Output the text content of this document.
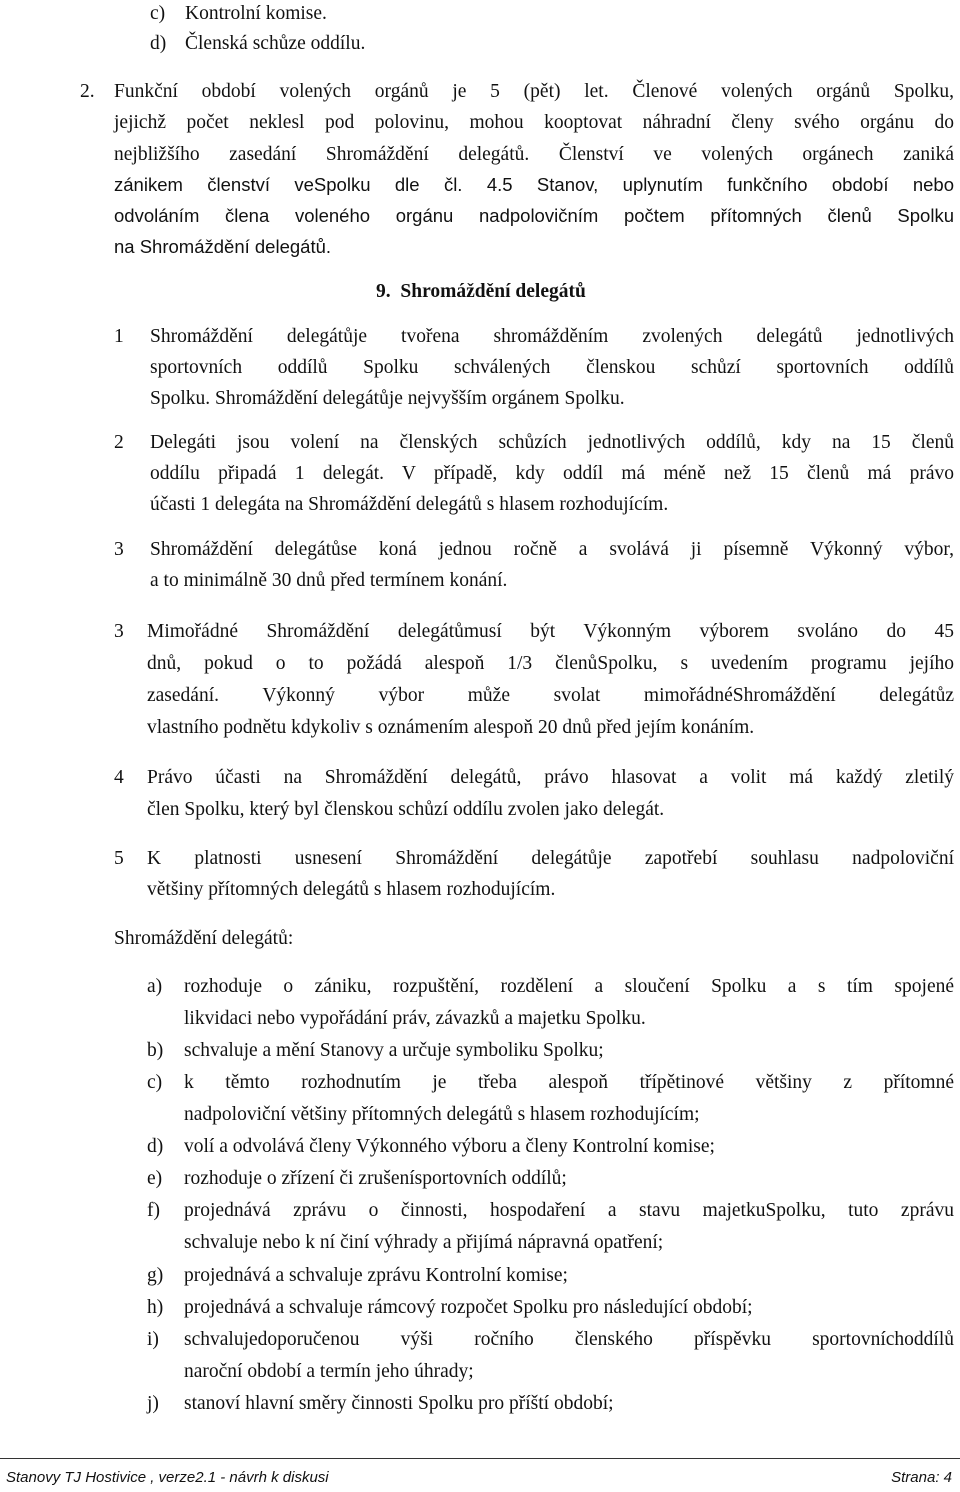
c) Kontrolní komise.
d) Členská schůze oddílu.
2. Funkční období volených orgánů je 5 (pět) let. Členové volených orgánů Spolku,
jejichž počet neklesl pod polovinu, mohou kooptovat náhradní členy svého orgánu do
nejbližšího zasedání Shromáždění delegátů. Členství ve volených orgánech zaniká
zánikem členství veSpolku dle čl. 4.5 Stanov, uplynutím funkčního období nebo
odvoláním člena voleného orgánu nadpolovičním počtem přítomných členů Spolku
na Shromáždění delegátů.
9.  Shromáždění delegátů
1 Shromáždění delegátůje tvořena shromážděním zvolených delegátů jednotlivých
sportovních oddílů Spolku schválených členskou schůzí sportovních oddílů
Spolku. Shromáždění delegátůje nejvyšším orgánem Spolku.
2 Delegáti jsou volení na členských schůzích jednotlivých oddílů, kdy na 15 členů
oddílu připadá 1 delegát. V případě, kdy oddíl má méně než 15 členů má právo
účasti 1 delegáta na Shromáždění delegátů s hlasem rozhodujícím.
3 Shromáždění delegátůse koná jednou ročně a svolává ji písemně Výkonný výbor,
a to minimálně 30 dnů před termínem konání.
3 Mimořádné Shromáždění delegátůmusí být Výkonným výborem svoláno do 45
dnů, pokud o to požádá alespoň 1/3 členůSpolku, s uvedením programu jejího
zasedání. Výkonný výbor může svolat mimořádnéShromáždění delegátůz
vlastního podnětu kdykoliv s oznámením alespoň 20 dnů před jejím konáním.
4 Právo účasti na Shromáždění delegátů, právo hlasovat a volit má každý zletilý
člen Spolku, který byl členskou schůzí oddílu zvolen jako delegát.
5 K platnosti usnesení Shromáždění delegátůje zapotřebí souhlasu nadpoloviční
většiny přítomných delegátů s hlasem rozhodujícím.
Shromáždění delegátů:
a) rozhoduje o zániku, rozpuštění, rozdělení a sloučení Spolku a s tím spojené
likvidaci nebo vypořádání práv, závazků a majetku Spolku.
b) schvaluje a mění Stanovy a určuje symboliku Spolku;
c) k těmto rozhodnutím je třeba alespoň třípětinové většiny z přítomné
nadpoloviční většiny přítomných delegátů s hlasem rozhodujícím;
d) volí a odvolává členy Výkonného výboru a členy Kontrolní komise;
e) rozhoduje o zřízení či zrušenísportovních oddílů;
f) projednává zprávu o činnosti, hospodaření a stavu majetkuSpolku, tuto zprávu
schvaluje nebo k ní činí výhrady a přijímá nápravná opatření;
g) projednává a schvaluje zprávu Kontrolní komise;
h) projednává a schvaluje rámcový rozpočet Spolku pro následující období;
i) schvalujedoporučenou výši ročního členského příspěvku sportovníchoddílů
naroční období a termín jeho úhrady;
j) stanoví hlavní směry činnosti Spolku pro příští období;
Stanovy TJ Hostivice , verze2.1 - návrh k diskusi	Strana: 4
